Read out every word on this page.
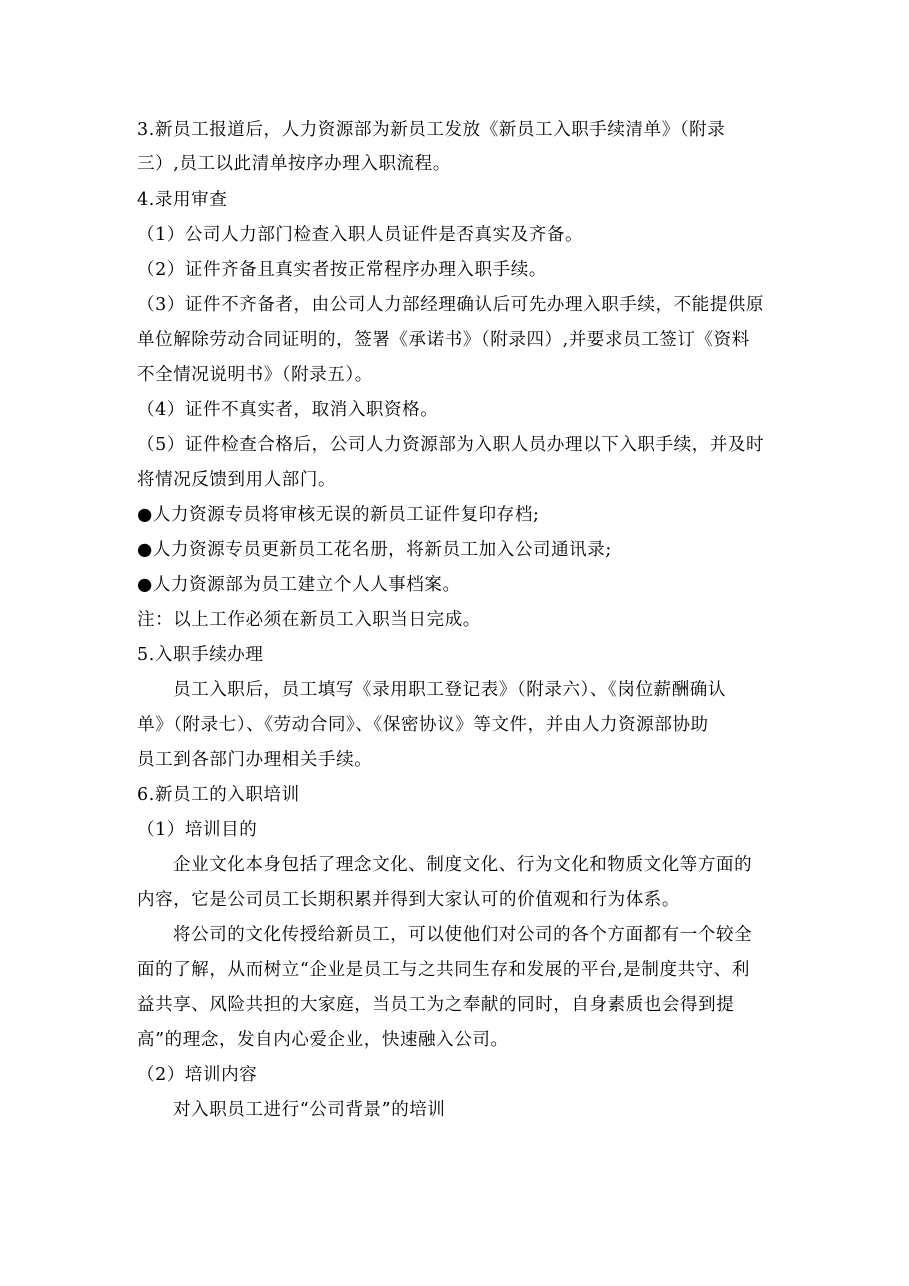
3.新员工报道后，人力资源部为新员工发放《新员工入职手续清单》（附录
三）,员工以此清单按序办理入职流程。
4.录用审查
（1）公司人力部门检查入职人员证件是否真实及齐备。
（2）证件齐备且真实者按正常程序办理入职手续。
（3）证件不齐备者，由公司人力部经理确认后可先办理入职手续，不能提供原
单位解除劳动合同证明的，签署《承诺书》（附录四）,并要求员工签订《资料
不全情况说明书》（附录五）。
（4）证件不真实者，取消入职资格。
（5）证件检查合格后，公司人力资源部为入职人员办理以下入职手续，并及时
将情况反馈到用人部门。
●人力资源专员将审核无误的新员工证件复印存档;
●人力资源专员更新员工花名册，将新员工加入公司通讯录;
●人力资源部为员工建立个人人事档案。
注：以上工作必须在新员工入职当日完成。
5.入职手续办理
员工入职后，员工填写《录用职工登记表》（附录六）、《岗位薪酬确认
单》（附录七）、《劳动合同》、《保密协议》等文件，并由人力资源部协助
员工到各部门办理相关手续。
6.新员工的入职培训
（1）培训目的
企业文化本身包括了理念文化、制度文化、行为文化和物质文化等方面的
内容，它是公司员工长期积累并得到大家认可的价值观和行为体系。
将公司的文化传授给新员工，可以使他们对公司的各个方面都有一个较全
面的了解，从而树立“企业是员工与之共同生存和发展的平台,是制度共守、利
益共享、风险共担的大家庭，当员工为之奉献的同时，自身素质也会得到提
高”的理念，发自内心爱企业，快速融入公司。
（2）培训内容
对入职员工进行“公司背景”的培训
